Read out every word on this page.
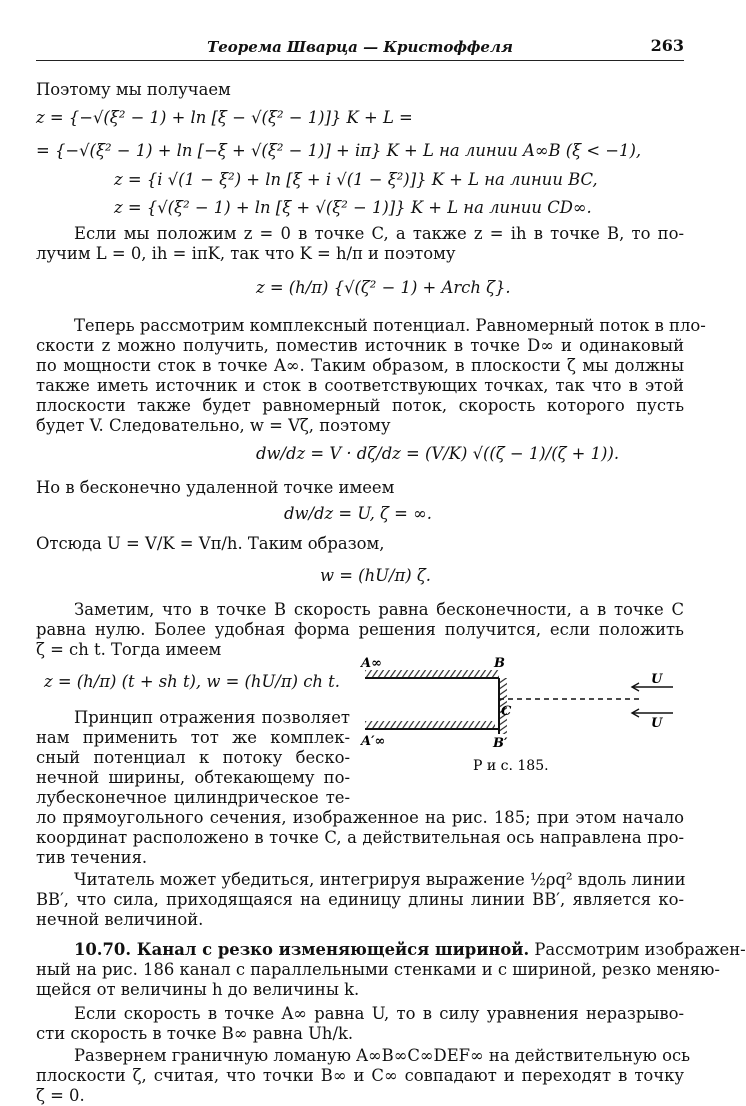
Теорема Шварца — Кристоффеля	263
Поэтому мы получаем
z = {−√(ξ² − 1) + ln [ξ − √(ξ² − 1)]} K + L =
= {−√(ξ² − 1) + ln [−ξ + √(ξ² − 1)] + iπ} K + L на линии A∞B (ξ < −1),
z = {i √(1 − ξ²) + ln [ξ + i √(1 − ξ²)]} K + L на линии BC,
z = {√(ξ² − 1) + ln [ξ + √(ξ² − 1)]} K + L на линии CD∞.
Если мы положим z = 0 в точке C, а также z = ih в точке B, то по-
лучим L = 0, ih = iπK, так что K = h/π и поэтому
z = (h/π) {√(ζ² − 1) + Arch ζ}.
Теперь рассмотрим комплексный потенциал. Равномерный поток в пло-
скости z можно получить, поместив источник в точке D∞ и одинаковый
по мощности сток в точке A∞. Таким образом, в плоскости ζ мы должны
также иметь источник и сток в соответствующих точках, так что в этой
плоскости также будет равномерный поток, скорость которого пусть
будет V. Следовательно, w = Vζ, поэтому
dw/dz = V · dζ/dz = (V/K) √((ζ − 1)/(ζ + 1)).
Но в бесконечно удаленной точке имеем
dw/dz = U, ζ = ∞.
Отсюда U = V/K = Vπ/h. Таким образом,
w = (hU/π) ζ.
Заметим, что в точке B скорость равна бесконечности, а в точке C
равна нулю. Более удобная форма решения получится, если положить
ζ = ch t. Тогда имеем
z = (h/π) (t + sh t), w = (hU/π) ch t.
Принцип отражения позволяет
нам применить тот же комплек-
сный потенциал к потоку беско-
нечной ширины, обтекающему по-
лубесконечное цилиндрическое те-
ло прямоугольного сечения, изображенное на рис. 185; при этом начало
координат расположено в точке C, а действительная ось направлена про-
тив течения.
Читатель может убедиться, интегрируя выражение ½ρq² вдоль линии
BB′, что сила, приходящаяся на единицу длины линии BB′, является ко-
нечной величиной.
10.70. Канал с резко изменяющейся шириной. Рассмотрим изображен-
ный на рис. 186 канал с параллельными стенками и с шириной, резко меняю-
щейся от величины h до величины k.
Если скорость в точке A∞ равна U, то в силу уравнения неразрыво-
сти скорость в точке B∞ равна Uh/k.
Развернем граничную ломаную A∞B∞C∞DEF∞ на действительную ось
плоскости ζ, считая, что точки B∞ и C∞ совпадают и переходят в точку
ζ = 0.
A∞	B
C
A′∞	B′
U
U
Р и с. 185.
